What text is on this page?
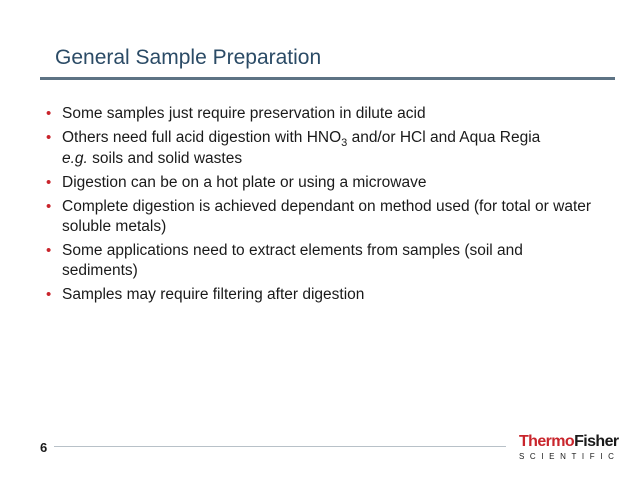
General Sample Preparation
• Some samples just require preservation in dilute acid
• Others need full acid digestion with $HNO_3$ and/or HCl and Aqua Regia
e.g. soils and solid wastes
• Digestion can be on a hot plate or using a microwave
• Complete digestion is achieved dependant on method used (for total or water soluble metals)
• Some applications need to extract elements from samples (soil and sediments)
• Samples may require filtering after digestion
6	ThermoFisher
SCIENTIFIC
